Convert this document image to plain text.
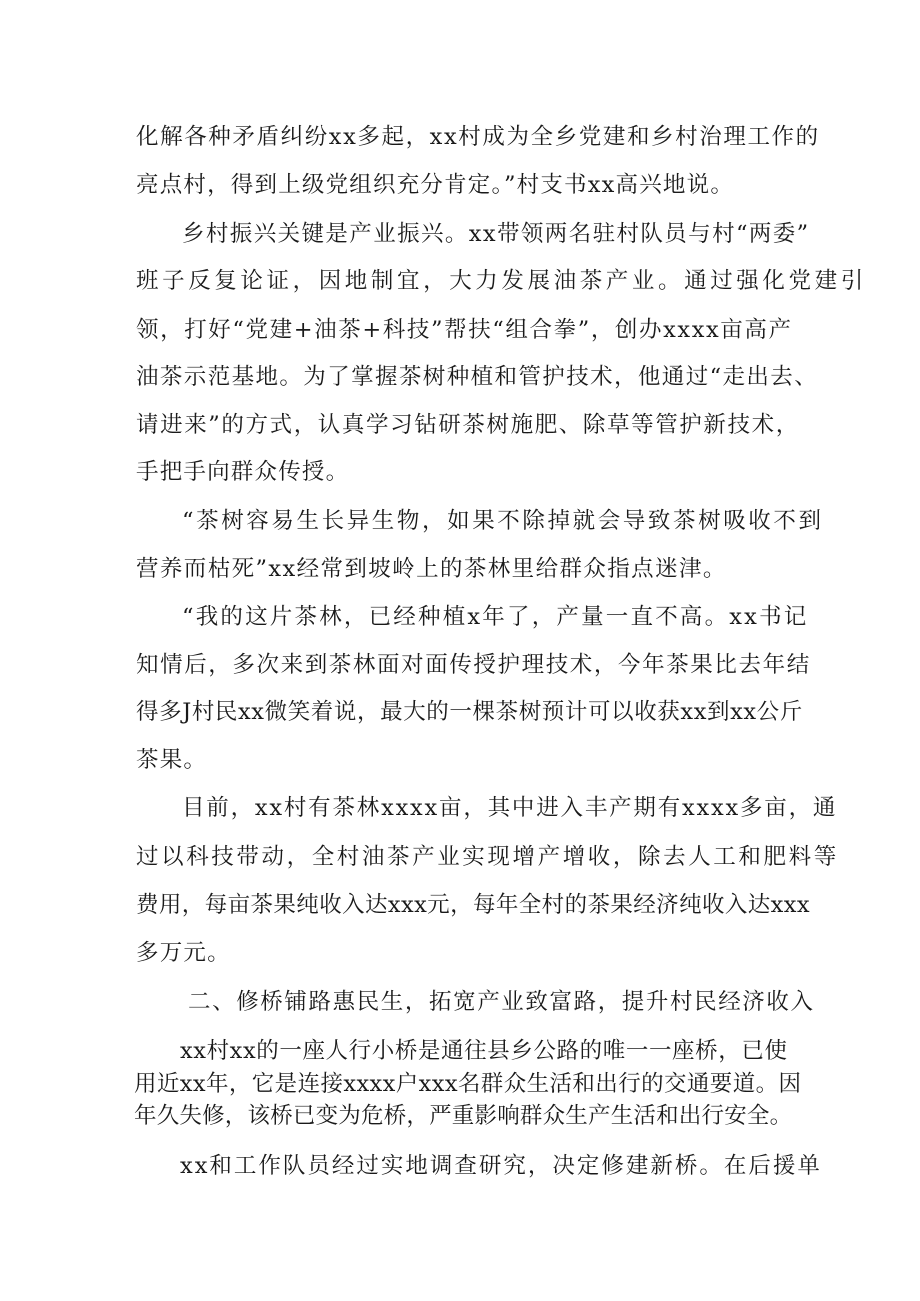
化解各种矛盾纠纷xx多起，xx村成为全乡党建和乡村治理工作的

亮点村，得到上级党组织充分肯定。”村支书xx高兴地说。

乡村振兴关键是产业振兴。xx带领两名驻村队员与村“两委”

班子反复论证，因地制宜，大力发展油茶产业。通过强化党建引

领，打好“党建+油茶+科技”帮扶“组合拳”，创办xxxx亩高产

油茶示范基地。为了掌握茶树种植和管护技术，他通过“走出去、

请进来”的方式，认真学习钻研茶树施肥、除草等管护新技术，

手把手向群众传授。

“茶树容易生长异生物，如果不除掉就会导致茶树吸收不到

营养而枯死”xx经常到坡岭上的茶林里给群众指点迷津。

“我的这片茶林，已经种植x年了，产量一直不高。xx书记

知情后，多次来到茶林面对面传授护理技术，今年茶果比去年结

得多J村民xx微笑着说，最大的一棵茶树预计可以收获xx到xx公斤

茶果。

目前，xx村有茶林xxxx亩，其中进入丰产期有xxxx多亩，通

过以科技带动，全村油茶产业实现增产增收，除去人工和肥料等

费用，每亩茶果纯收入达xxx元，每年全村的茶果经济纯收入达xxx

多万元。

二、修桥铺路惠民生，拓宽产业致富路，提升村民经济收入

xx村xx的一座人行小桥是通往县乡公路的唯一一座桥，已使

用近xx年，它是连接xxxx户xxx名群众生活和出行的交通要道。因

年久失修，该桥已变为危桥，严重影响群众生产生活和出行安全。

xx和工作队员经过实地调查研究，决定修建新桥。在后援单
